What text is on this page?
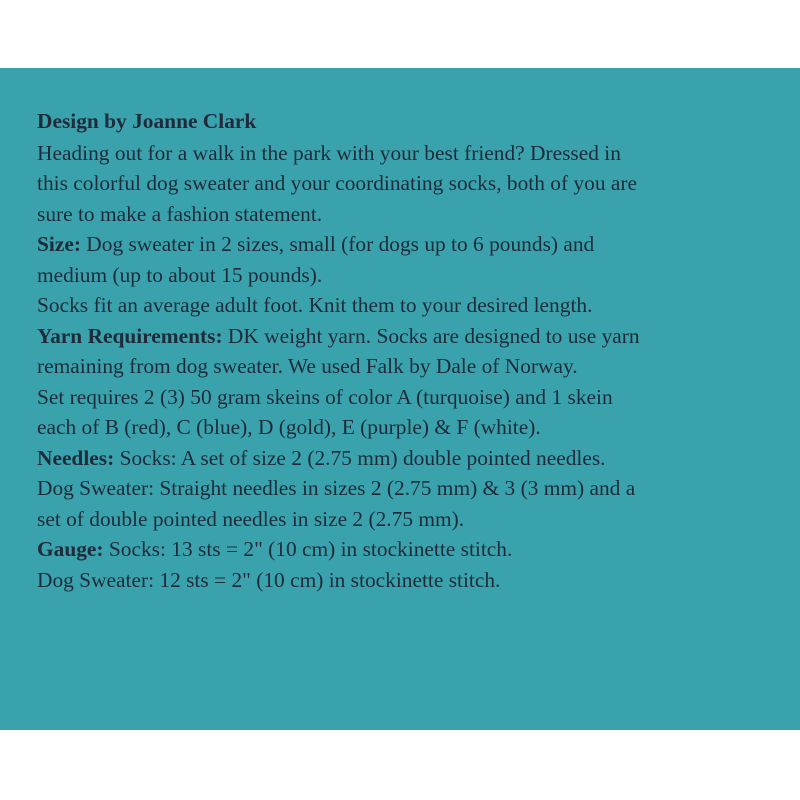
Design by Joanne Clark
Heading out for a walk in the park with your best friend? Dressed in
this colorful dog sweater and your coordinating socks, both of you are
sure to make a fashion statement.
Size: Dog sweater in 2 sizes, small (for dogs up to 6 pounds) and
medium (up to about 15 pounds).
Socks fit an average adult foot. Knit them to your desired length.
Yarn Requirements: DK weight yarn. Socks are designed to use yarn
remaining from dog sweater. We used Falk by Dale of Norway.
Set requires 2 (3) 50 gram skeins of color A (turquoise) and 1 skein
each of B (red), C (blue), D (gold), E (purple) & F (white).
Needles: Socks: A set of size 2 (2.75 mm) double pointed needles.
Dog Sweater: Straight needles in sizes 2 (2.75 mm) & 3 (3 mm) and a
set of double pointed needles in size 2 (2.75 mm).
Gauge: Socks: 13 sts = 2" (10 cm) in stockinette stitch.
Dog Sweater: 12 sts = 2" (10 cm) in stockinette stitch.
